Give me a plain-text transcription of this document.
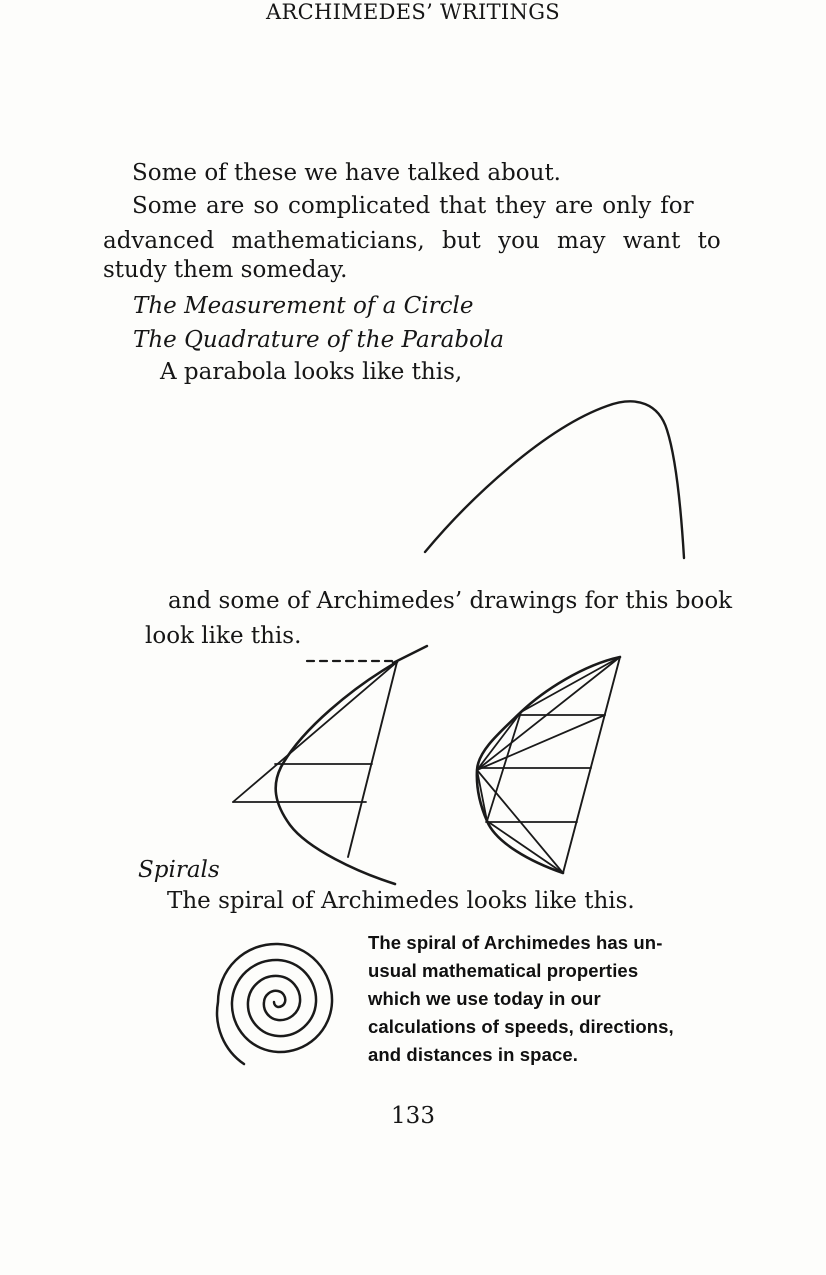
ARCHIMEDES’ WRITINGS
Some of these we have talked about.
Some are so complicated that they are only for
advanced mathematicians, but you may want to
study them someday.
The Measurement of a Circle
The Quadrature of the Parabola
A parabola looks like this,
and some of Archimedes’ drawings for this book
look like this.
Spirals
The spiral of Archimedes looks like this.
The spiral of Archimedes has un-
usual mathematical properties
which we use today in our
calculations of speeds, directions,
and distances in space.
133
